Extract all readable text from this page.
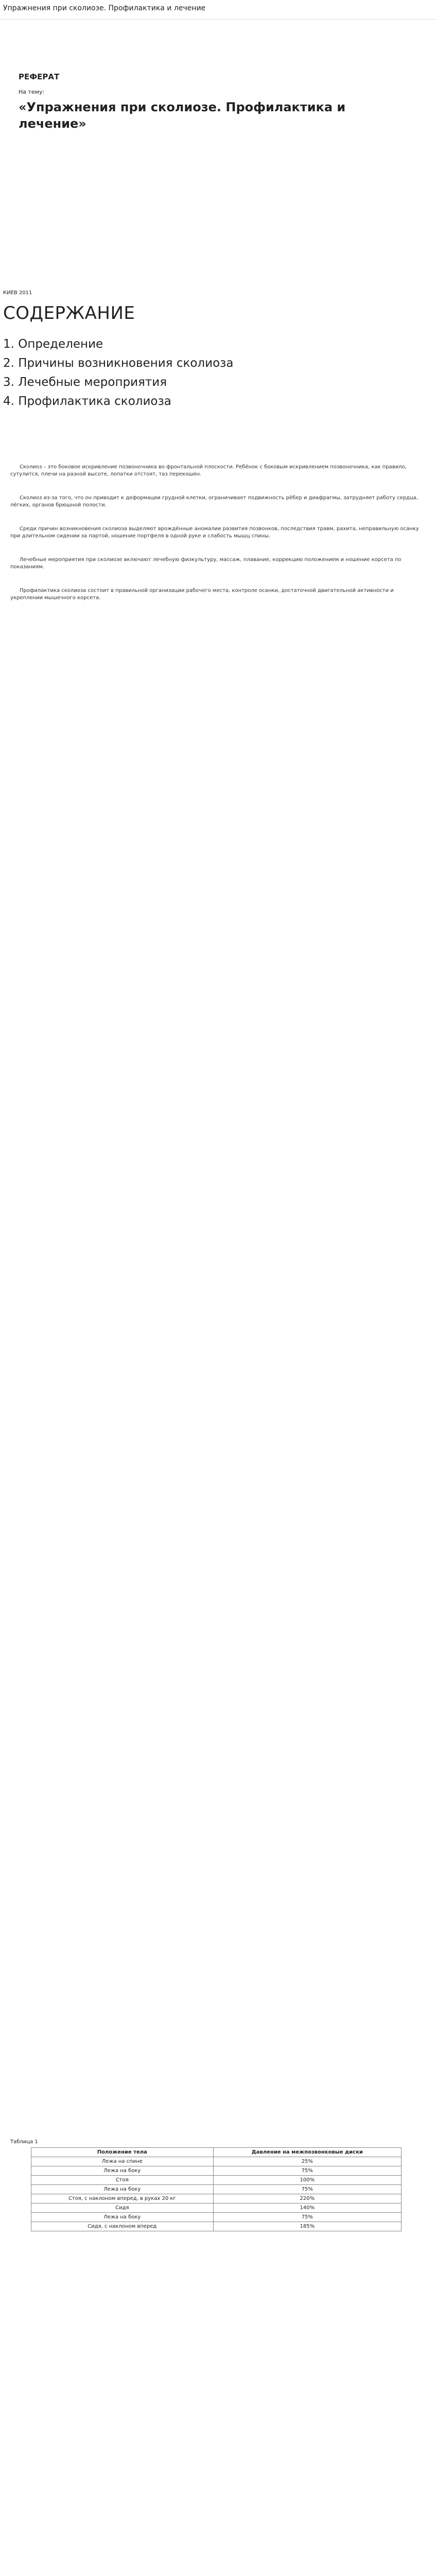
Упражнения при сколиозе. Профилактика и лечение
РЕФЕРАТ
На тему:
«Упражнения при сколиозе. Профилактика и лечение»
КИЕВ 2011
СОДЕРЖАНИЕ
1. Определение
2. Причины возникновения сколиоза
3. Лечебные мероприятия
4. Профилактика сколиоза

Сколиоз – это боковое искривление позвоночника во фронтальной плоскости. Ребёнок с боковым искривлением позвоночника, как правило, сутулится, плечи на разной высоте, лопатки отстоят, таз перекошен.

Сколиоз из-за того, что он приводит к деформации грудной клетки, ограничивает подвижность рёбер и диафрагмы, затрудняет работу сердца, лёгких, органов брюшной полости.

Среди причин возникновения сколиоза выделяют врождённые аномалии развития позвонков, последствия травм, рахита, неправильную осанку при длительном сидении за партой, ношение портфеля в одной руке и слабость мышц спины.

Лечебные мероприятия при сколиозе включают лечебную физкультуру, массаж, плавание, коррекцию положением и ношение корсета по показаниям.

Профилактика сколиоза состоит в правильной организации рабочего места, контроле осанки, достаточной двигательной активности и укреплении мышечного корсета.

Таблица 1
Положение тела	Давление на межпозвонковые диски
Лежа на спине	25%
Лежа на боку	75%
Стоя	100%
Лежа на боку	75%
Стоя, с наклоном вперед, в руках 20 кг	220%
Сидя	140%
Лежа на боку	75%
Сидя, с наклоном вперед	185%
